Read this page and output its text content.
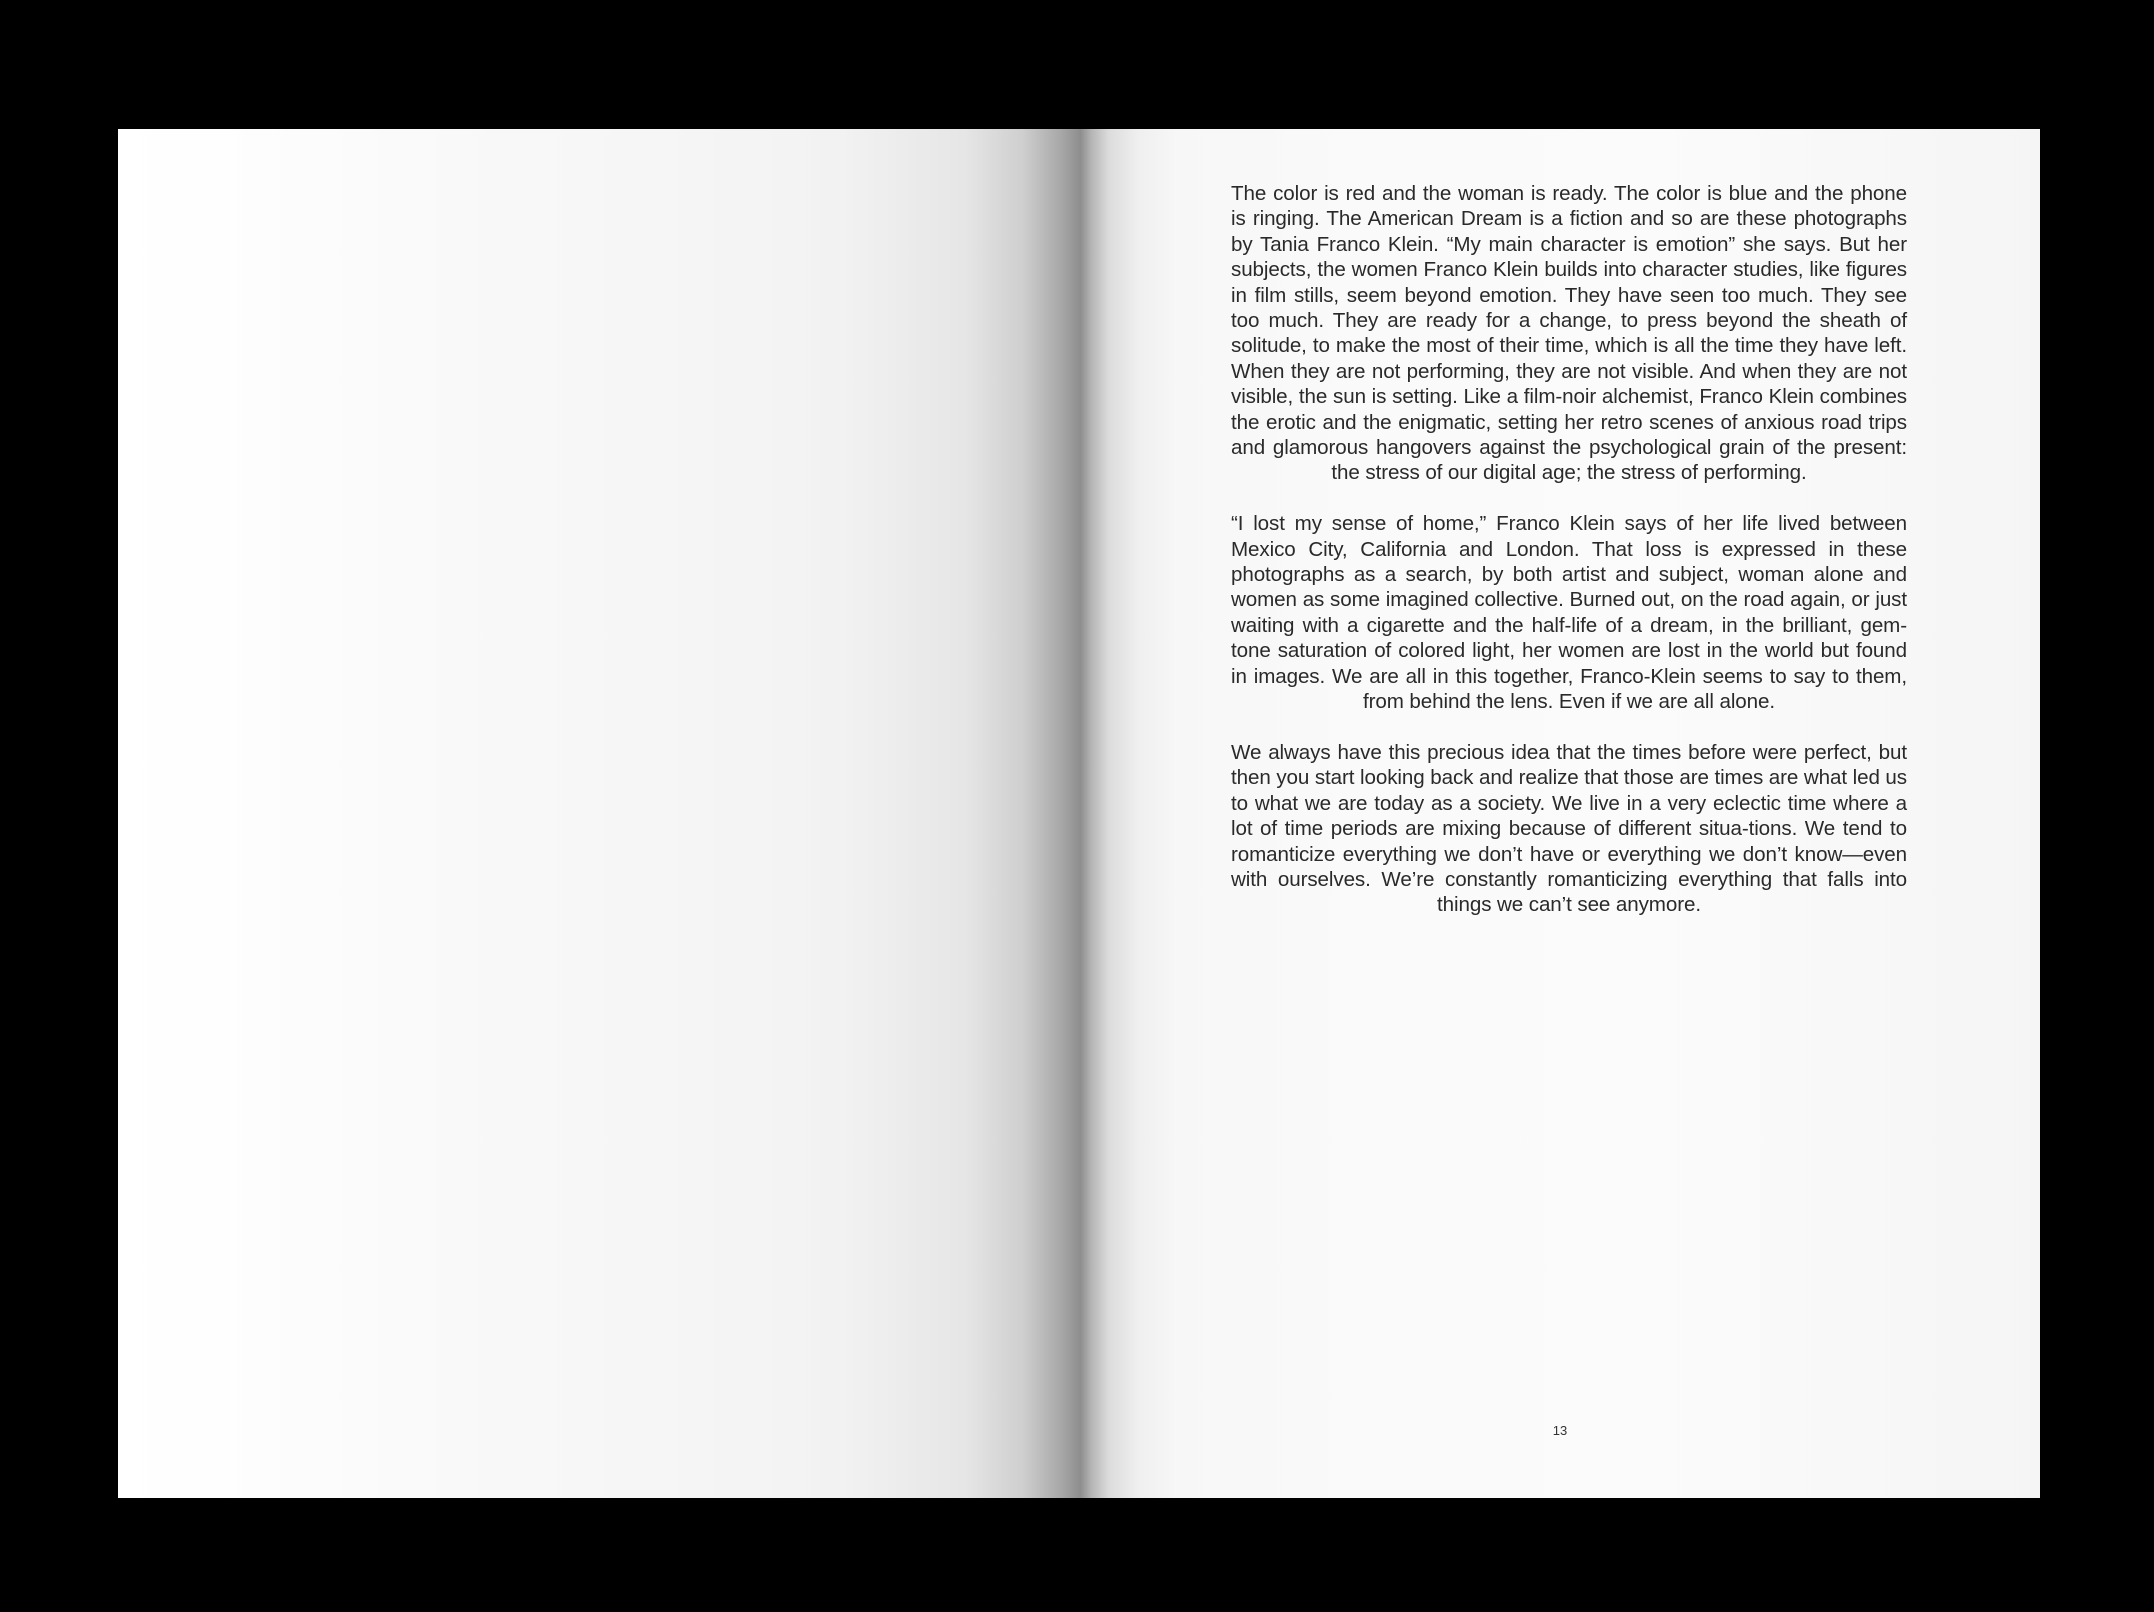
The color is red and the woman is ready. The color is blue and the phone is ringing. The American Dream is a fiction and so are these photographs by Tania Franco Klein. “My main character is emotion” she says. But her subjects, the women Franco Klein builds into character studies, like figures in film stills, seem beyond emotion. They have seen too much. They see too much. They are ready for a change, to press beyond the sheath of solitude, to make the most of their time, which is all the time they have left. When they are not performing, they are not visible. And when they are not visible, the sun is setting. Like a film-noir alchemist, Franco Klein combines the erotic and the enigmatic, setting her retro scenes of anxious road trips and glamorous hangovers against the psychological grain of the present: the stress of our digital age; the stress of performing.

“I lost my sense of home,” Franco Klein says of her life lived between Mexico City, California and London. That loss is expressed in these photographs as a search, by both artist and subject, woman alone and women as some imagined collective. Burned out, on the road again, or just waiting with a cigarette and the half-life of a dream, in the brilliant, gem-tone saturation of colored light, her women are lost in the world but found in images. We are all in this together, Franco-Klein seems to say to them, from behind the lens. Even if we are all alone.

We always have this precious idea that the times before were perfect, but then you start looking back and realize that those are times are what led us to what we are today as a society. We live in a very eclectic time where a lot of time periods are mixing because of different situa-tions. We tend to romanticize everything we don’t have or everything we don’t know—even with ourselves. We’re constantly romanticizing everything that falls into things we can’t see anymore.

13
